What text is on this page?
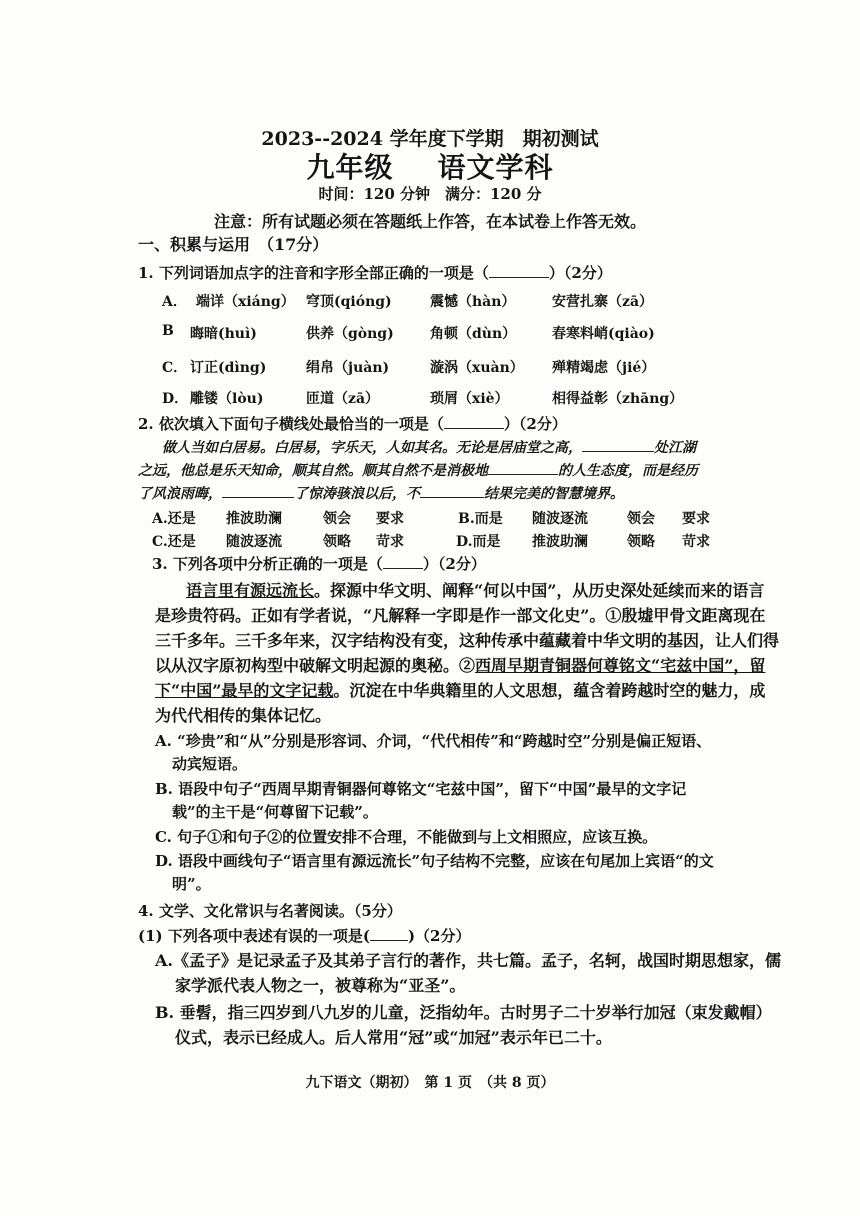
2023--2024 学年度下学期　期初测试
九年级 语文学科
时间：120 分钟　满分：120 分
注意：所有试题必须在答题纸上作答，在本试卷上作答无效。
一、积累与运用　（17分）
1. 下列词语加点字的注音和字形全部正确的一项是（	）（2分）
A． 端详（xiáng） 穹顶(qióng)	震憾（hàn）	安营扎寨（zā）
B 晦暗(huì)	供养（gòng)	角顿（dùn）	春寒料峭(qiào)
C． 订正(dìng)	绢帛（juàn)	漩涡（xuàn） 殚精竭虑（jié）
D． 雕镂（lòu)	匝道（zā）	琐屑（xiè）	相得益彰（zhāng）
2. 依次填入下面句子横线处最恰当的一项是（	）（2分）
做人当如白居易。白居易，字乐天，人如其名。无论是居庙堂之高，	处江湖
之远，他总是乐天知命，顺其自然。顺其自然不是消极地	的人生态度，而是经历
了风浪雨晦，	了惊涛骇浪以后，不	结果完美的智慧境界。
A.还是 推波助澜	领会 要求	B.而是 随波逐流	领会 要求
C.还是 随波逐流	领略 苛求	D.而是 推波助澜	领略 苛求
3. 下列各项中分析正确的一项是（	）（2分）
语言里有源远流长。探源中华文明、阐释“何以中国”，从历史深处延续而来的语言
是珍贵符码。正如有学者说，“凡解释一字即是作一部文化史”。①殷墟甲骨文距离现在
三千多年。三千多年来，汉字结构没有变，这种传承中蕴藏着中华文明的基因，让人们得
以从汉字原初构型中破解文明起源的奥秘。②西周早期青铜器何尊铭文“宅兹中国”，留
下“中国”最早的文字记载。沉淀在中华典籍里的人文思想，蕴含着跨越时空的魅力，成
为代代相传的集体记忆。
A. “珍贵”和“从”分别是形容词、介词，“代代相传”和“跨越时空”分别是偏正短语、
动宾短语。
B. 语段中句子“西周早期青铜器何尊铭文“宅兹中国”，留下“中国”最早的文字记
载”的主干是“何尊留下记载”。
C. 句子①和句子②的位置安排不合理，不能做到与上文相照应，应该互换。
D. 语段中画线句子“语言里有源远流长”句子结构不完整，应该在句尾加上宾语“的文
明”。
4. 文学、文化常识与名著阅读。（5分）
(1) 下列各项中表述有误的一项是(	)（2分）
A.《孟子》是记录孟子及其弟子言行的著作，共七篇。孟子，名轲，战国时期思想家，儒
家学派代表人物之一，被尊称为“亚圣”。
B. 垂髫，指三四岁到八九岁的儿童，泛指幼年。古时男子二十岁举行加冠（束发戴帽）
仪式，表示已经成人。后人常用“冠”或“加冠”表示年已二十。
九下语文（期初）　第 1 页　（共 8 页）
